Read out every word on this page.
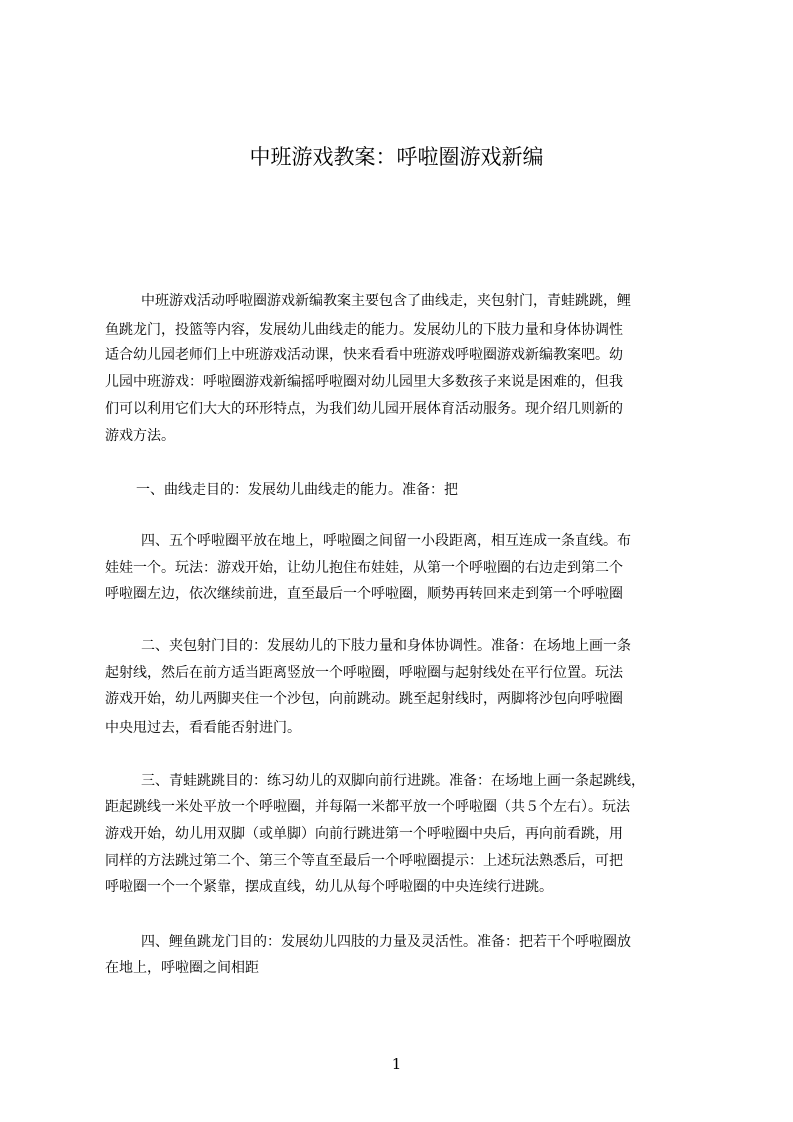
中班游戏教案：呼啦圈游戏新编
中班游戏活动呼啦圈游戏新编教案主要包含了曲线走，夹包射门，青蛙跳跳，鲤
鱼跳龙门，投篮等内容，发展幼儿曲线走的能力。发展幼儿的下肢力量和身体协调性
适合幼儿园老师们上中班游戏活动课，快来看看中班游戏呼啦圈游戏新编教案吧。幼
儿园中班游戏：呼啦圈游戏新编摇呼啦圈对幼儿园里大多数孩子来说是困难的，但我
们可以利用它们大大的环形特点，为我们幼儿园开展体育活动服务。现介绍几则新的
游戏方法。
一、曲线走目的：发展幼儿曲线走的能力。准备：把
四、五个呼啦圈平放在地上，呼啦圈之间留一小段距离，相互连成一条直线。布
娃娃一个。玩法：游戏开始，让幼儿抱住布娃娃，从第一个呼啦圈的右边走到第二个
呼啦圈左边，依次继续前进，直至最后一个呼啦圈，顺势再转回来走到第一个呼啦圈
二、夹包射门目的：发展幼儿的下肢力量和身体协调性。准备：在场地上画一条
起射线，然后在前方适当距离竖放一个呼啦圈，呼啦圈与起射线处在平行位置。玩法
游戏开始，幼儿两脚夹住一个沙包，向前跳动。跳至起射线时，两脚将沙包向呼啦圈
中央甩过去，看看能否射进门。
三、青蛙跳跳目的：练习幼儿的双脚向前行进跳。准备：在场地上画一条起跳线，
距起跳线一米处平放一个呼啦圈，并每隔一米都平放一个呼啦圈（共５个左右）。玩法
游戏开始，幼儿用双脚（或单脚）向前行跳进第一个呼啦圈中央后，再向前看跳，用
同样的方法跳过第二个、第三个等直至最后一个呼啦圈提示：上述玩法熟悉后，可把
呼啦圈一个一个紧靠，摆成直线，幼儿从每个呼啦圈的中央连续行进跳。
四、鲤鱼跳龙门目的：发展幼儿四肢的力量及灵活性。准备：把若干个呼啦圈放
在地上，呼啦圈之间相距
1
